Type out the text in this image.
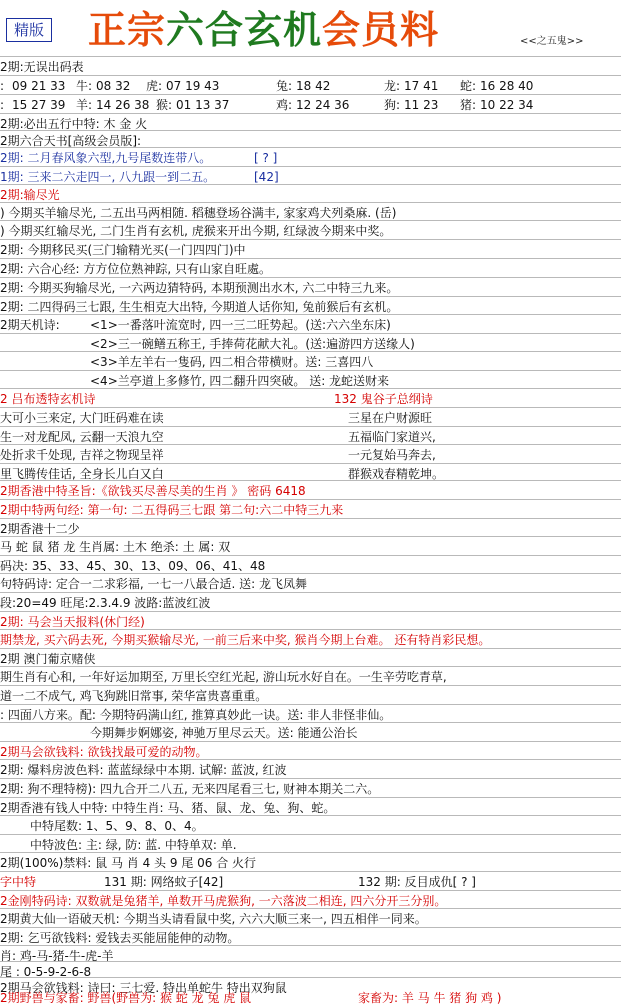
精版 正宗六合玄机会员料	<<之五鬼>>
2期:无误出码表
: 09 21 33 牛: 08 32 虎: 07 19 43	兔: 18 42	龙: 17 41 蛇: 16 28 40
: 15 27 39 羊: 14 26 38 猴: 01 13 37	鸡: 12 24 36	狗: 11 23 猪: 10 22 34
2期:必出五行中特: 木 金 火
2期六合天书[高级会员版]:
2期: 二月春风象六型,九号尾数连带八。	[ ? ]
1期: 三来二六走四一, 八九跟一到二五。	[42]
2期:输尽光
) 今期买羊输尽光, 二五出马两相随. 稻穗登场谷满丰, 家家鸡犬列桑麻. (岳)
) 今期买红输尽光, 二门生肖有玄机, 虎猴来开出今期, 红绿波今期来中奖。
2期: 今期移民买(三门输精光买(一门四四门)中
2期: 六合心经: 方方位位熟神踪, 只有山家自旺處。
2期: 今期买狗输尽光, 一六两边猜特码, 本期预测出水木, 六二中特三九来。
2期: 二四得码三七跟, 生生相克大出特, 今期道人话你知, 兔前猴后有玄机。
2期天机诗:	<1>一番落叶流宽时, 四一三二旺势起。(送:六六坐东床)
<2>三一碗鳝五称王, 手捧荷花献大礼。(送:遍游四方送缘人)
<3>羊左羊右一隻码, 四二相合带横财。送: 三喜四八
<4>兰亭道上多修竹, 四二翻升四突破。 送: 龙蛇送财来
2 吕布透特玄机诗	132 鬼谷子总纲诗
大可小三来定, 大门旺码难在读	三星在户财源旺
生一对龙配凤, 云翻一天浪九空	五福临门家道兴,
处折求千处现, 吉祥之物现呈祥	一元复始马奔去,
里飞腾传佳话, 全身长儿白又白	群猴戏春精乾坤。
2期香港中特圣旨:《欲钱买尽善尽美的生肖 》 密码 6418
2期中特两句经: 第一句: 二五得码三七跟 第二句:六二中特三九来
2期香港十二少
马 蛇 鼠 猪 龙 生肖属: 土木 绝杀: 土 属: 双
码决: 35、33、45、30、13、09、06、41、48
句特码诗: 定合一二求彩福, 一七一八最合适. 送: 龙飞凤舞
段:20=49 旺尾:2.3.4.9 波路:蓝波红波
2期: 马会当天报料(休门经)
期禁龙, 买六码去死, 今期买猴输尽光, 一前三后来中奖, 猴肖今期上台难。 还有特肖彩民想。
2期 澳门葡京赌侠
期生肖有心和, 一年好运加期至, 万里长空红光起, 游山玩水好自在。一生辛劳吃青草,
道一二不成气, 鸡飞狗跳旧常事, 荣华富贵喜重重。
: 四面八方来。配: 今期特码满山红, 推算真妙此一诀。送: 非人非怪非仙。
今期舞步婀娜姿, 神驰万里尽云天。送: 能通公治长
2期马会欲钱料: 欲钱找最可爱的动物。
2期: 爆料房波色料: 蓝蓝绿绿中本期. 试解: 蓝波, 红波
2期: 狗不理特榜): 四九合开二八五, 无来四尾看三七, 财神本期关二六。
2期香港有钱人中特: 中特生肖: 马、猪、鼠、龙、兔、狗、蛇。
中特尾数: 1、5、9、8、0、4。
中特波色: 主: 绿, 防: 蓝. 中特单双: 单.
2期(100%)禁料: 鼠 马 肖 4 头 9 尾 06 合 火行
字中特	131 期: 网络蚊子[42]	132 期: 反目成仇[ ? ]
2金刚特码诗: 双数就是兔猪羊, 单数开马虎猴狗, 一六落波二相连, 四六分开三分别。
2期黄大仙一语破天机: 今期当头请看鼠中奖, 六六大顺三来一, 四五相伴一同来。
2期: 乞丐欲钱料: 爱钱去买能屈能伸的动物。
肖: 鸡-马-猪-牛-虎-羊
尾 : 0-5-9-2-6-8
2期马会欲钱料: 诗曰: 三七爱. 特出单蛇牛 特出双狗鼠
2期野兽与家畜: 野兽(野兽为: 猴 蛇 龙 兔 虎 鼠	家畜为: 羊 马 牛 猪 狗 鸡 )
